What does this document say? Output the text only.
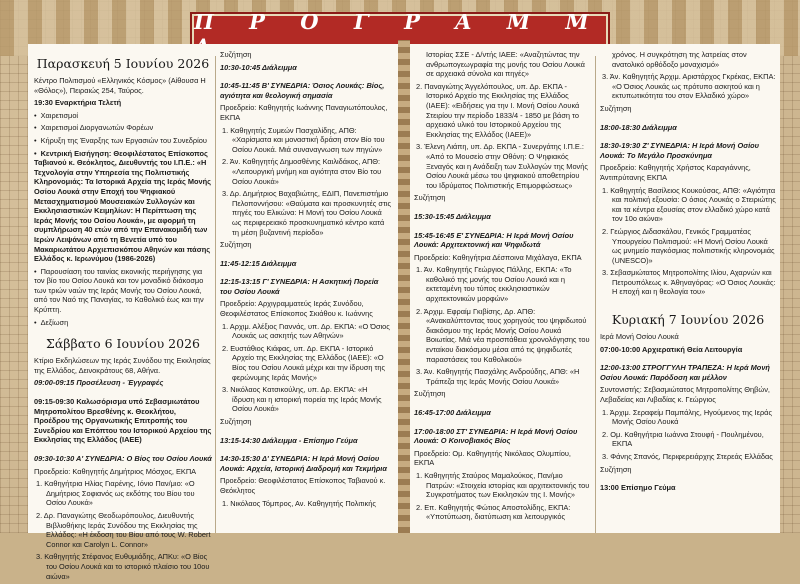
Π Ρ Ο Γ Ρ Α Μ Μ
Παρασκευή 5 Ιουνίου 2026
Κέντρο Πολιτισμού «Ελληνικός Κόσμος» (Αίθουσα Η «Θόλος»), Πειραιώς 254, Ταύρος.
19:30 Εναρκτήρια Τελετή
• Χαιρετισμοί
• Χαιρετισμοί Διοργανωτών Φορέων
• Κήρυξη της Έναρξης των Εργασιών του Συνεδρίου
• Κεντρική Εισήγηση: Θεοφιλέστατος Επίσκοπος Ταβιανού κ. Θεόκλητος, Διευθυντής του Ι.Π.Ε.: «Η Τεχνολογία στην Υπηρεσία της Πολιτιστικής Κληρονομιάς: Τα Ιστορικά Αρχεία της Ιεράς Μονής Οσίου Λουκά στην Εποχή του Ψηφιακού Μετασχηματισμού Μουσειακών Συλλογών και Εκκλησιαστικών Κειμηλίων: Η Περίπτωση της Ιεράς Μονής του Οσίου Λουκά», με αφορμή τη συμπλήρωση 40 ετών από την Επανακομιδή των Ιερών Λειψάνων από τη Βενετία υπό του Μακαριωτάτου Αρχιεπισκόπου Αθηνών και πάσης Ελλάδος κ. Ιερωνύμου (1986-2026)
• Παρουσίαση του ταινίας εικονικής περιήγησης για τον βίο του Οσίου Λουκά και τον μοναδικό διάκοσμο των τριών ναών της Ιεράς Μονής του Οσίου Λουκά, από τον Ναό της Παναγίας, το Καθολικό έως και την Κρύπτη.
• Δεξίωση
Σάββατο 6 Ιουνίου 2026
Κτίριο Εκδηλώσεων της Ιεράς Συνόδου της Εκκλησίας της Ελλάδος, Δεινοκράτους 68, Αθήνα.
09:00-09:15 Προσέλευση - Έγγραφές
09:15-09:30 Καλωσόρισμα υπό Σεβασμιωτάτου Μητροπολίτου Βρεσθένης κ. Θεοκλήτου, Προέδρου της Οργανωτικής Επιτροπής του Συνεδρίου και Επόπτου του Ιστορικού Αρχείου της Εκκλησίας της Ελλάδος (ΙΑΕΕ)
09:30-10:30 Α' ΣΥΝΕΔΡΙΑ: Ο Βίος του Οσίου Λουκά
Προεδρείο: Καθηγητής Δημήτριος Μόσχος, ΕΚΠΑ
1. Καθηγήτρια Ηλίας Γιαρένης, Ιόνιο Παν/μιο: «Ο Δημήτριος Σοφιανός ως εκδότης του Βίου του Οσίου Λουκά»
2. Δρ. Παναγιώτης Θεοδωρόπουλος, Διευθυντής Βιβλιοθήκης Ιεράς Συνόδου της Εκκλησίας της Ελλάδος: «Η έκδοση του Βίου από τους W. Robert Connor και Carolyn L. Connor»
3. Καθηγητής Στέφανος Ευθυμιάδης, ΑΠΚυ: «Ο Βίος του Οσίου Λουκά και το ιστορικό πλαίσιο του 10ου αιώνα»
Συζήτηση
10:30-10:45 Διάλειμμα
10:45-11:45 Β' ΣΥΝΕΔΡΙΑ: Όσιος Λουκάς: Βίος, αγιότητα και θεολογική σημασία
Προεδρείο: Καθηγητής Ιωάννης Παναγιωτόπουλος, ΕΚΠΑ
1. Καθηγητής Συμεών Πασχαλίδης, ΑΠΘ: «Χαρίσματα και μοναστική δράση στον Βίο του Οσίου Λουκά. Μιά συναναγνωση των πηγών»
2. Άν. Καθηγητής Δημοσθένης Καιλιδάκος, ΑΠΘ: «Λειτουργική μνήμη και αγιότητα στον Βίο του Οσίου Λουκά»
3. Δρ. Δημήτριος Βαχαβιώτης, ΕΔΙΠ, Πανεπιστήμιο Πελοποννήσου: «Θαύματα και προσκυνητές στις πηγές του Ελικώνα: Η Μονή του Οσίου Λουκά ως περιφερειακό προσκυνηματικό κέντρο κατά τη μέση βυζαντινή περίοδο»
Συζήτηση
11:45-12:15 Διάλειμμα
12:15-13:15 Γ' ΣΥΝΕΔΡΙΑ: Η Ασκητική Πορεία του Οσίου Λουκά
Προεδρείο: Αρχιγραμματεύς Ιεράς Συνόδου, Θεοφιλέστατος Επίσκοπος Σκιάθου κ. Ιωάννης
1. Αρχιμ. Αλέξιος Γιαννάς, υπ. Δρ. ΕΚΠΑ: «Ο Όσιος Λουκάς ως ασκητής των Αθηνών»
2. Ευστάθιος Κιάφας, υπ. Δρ. ΕΚΠΑ - Ιστορικό Αρχείο της Εκκλησίας της Ελλάδος (ΙΑΕΕ): «Ο Βίος του Οσίου Λουκά μέχρι και την ίδρυση της φερώνυμης Ιεράς Μονής»
3. Νικόλαος Κατσικούλης, υπ. Δρ. ΕΚΠΑ: «Η ίδρυση και η ιστορική πορεία της Ιεράς Μονής Οσίου Λουκά»
Συζήτηση
13:15-14:30 Διάλειμμα - Επίσημο Γεύμα
14:30-15:30 Δ' ΣΥΝΕΔΡΙΑ: Η Ιερά Μονή Οσίου Λουκά: Αρχεία, Ιστορική Διαδρομή και Τεκμήρια
Προεδρείο: Θεοφιλέστατος Επίσκοπος Ταβιανού κ. Θεόκλητος
1. Νικόλαος Τόμπρος, Αν. Καθηγητής Πολιτικής
Ιστορίας ΣΣΕ - Δ/ντής ΙΑΕΕ: «Αναζητώντας την ανθρωπογεωγραφία της μονής του Οσίου Λουκά σε αρχειακά σύνολα και πηγές»
2. Παναγιώτης Άγγελόπουλος, υπ. Δρ. ΕΚΠΑ - Ιστορικό Αρχείο της Εκκλησίας της Ελλάδος (ΙΑΕΕ): «Ειδήσεις για την Ι. Μονή Οσίου Λουκά Στειρίου την περίοδο 1833/4 - 1850 με βάση το αρχειακό υλικό του Ιστορικού Αρχείου της Εκκλησίας της Ελλάδος (ΙΑΕΕ)»
3. Έλενη Λιάπη, υπ. Δρ. ΕΚΠΑ - Συνεργάτης Ι.Π.Ε.: «Από το Μουσείο στην Οθόνη: Ο Ψηφιακός Ξεναγός και η Ανάδειξη των Συλλογών της Μονής Οσίου Λουκά μέσω του ψηφιακού αποθετηρίου του Ιδρύματος Πολιτιστικής Επιμορφώσεως»
Συζήτηση
15:30-15:45 Διάλειμμα
15:45-16:45 Ε' ΣΥΝΕΔΡΙΑ: Η Ιερά Μονή Οσίου Λουκά: Αρχιτεκτονική και Ψηφιδωτά
Προεδρείο: Καθηγήτρια Δέσποινα Μιχάλαγα, ΕΚΠΑ
1. Άν. Καθηγητής Γεώργιος Πάλλης, ΕΚΠΑ: «Το καθολικό της μονής του Οσίου Λουκά και η εκτεταμένη του τύπος εκκλησιαστικών αρχιτεκτονικών μορφών»
2. Άρχιμ. Εφραίμ Γκιβίσης, Δρ. ΑΠΘ: «Ανακαλύπτοντας τους χορηγούς του ψηφιδωτού διακόσμου της Ιεράς Μονής Οσίου Λουκά Βοιωτίας. Μιά νέα προσπάθεια χρονολόγησης του ενταίκου διακόσμου μέσα από τις ψηφιδωτές παραστάσεις του Καθολικού»
3. Άν. Καθηγητής Πασχάλης Ανδρούδης, ΑΠΘ: «Η Τράπεζα της Ιεράς Μονής Οσίου Λουκά»
Συζήτηση
16:45-17:00 Διάλειμμα
17:00-18:00 ΣΤ' ΣΥΝΕΔΡΙΑ: Η Ιερά Μονή Οσίου Λουκά: Ο Κοινοβιακός Βίος
Προεδρείο: Ομ. Καθηγητής Νικόλαος Ολυμπίου, ΕΚΠΑ
1. Καθηγητής Σταύρος Μαμαλούκος, Παν/μιο Πατρών: «Στοιχεία ιστορίας και αρχιτεκτονικής του Συγκροτήματος των Εκκλησιών της Ι. Μονής»
2. Επ. Καθηγητής Φώτιος Αποστολίδης, ΕΚΠΑ: «Υποτύπωση, διατύπωση και λειτουργικός
χρόνος. Η συγκρότηση της λατρείας στον ανατολικό ορθόδοξο μοναχισμό»
3. Άν. Καθηγητής Άρχιμ. Αριστάρχος Γκρέκας, ΕΚΠΑ: «Ο Όσιος Λουκάς ως πρότυπο ασκητού και η εκτυπωτικότητα του στον Ελλαδικό χώρο»
Συζήτηση
18:00-18:30 Διάλειμμα
18:30-19:30 Ζ' ΣΥΝΕΔΡΙΑ: Η Ιερά Μονή Οσίου Λουκά: Το Μεγάλο Προσκύνημα
Προεδρείο: Καθηγητής Χρήστος Καραγιάννης, Άντιπρύτανης ΕΚΠΑ
1. Καθηγητής Βασίλειος Κουκούσας, ΑΠΘ: «Αγιότητα και πολιτική εξουσία: Ο όσιος Λουκάς ο Στειριώτης και τα κέντρα εξουσίας στον ελλαδικό χώρο κατά τον 10ο αιώνα»
2. Γεώργιος Διδασκάλου, Γενικός Γραμματέας Υπουργείου Πολιτισμού: «Η Μονή Οσίου Λουκά ως μνημείο παγκόσμιας πολιτιστικής κληρονομιάς (UNESCO)»
3. Σεβασμιώτατος Μητροπολίτης Ιλίου, Αχαρνών και Πετρουπόλεως κ. Άθηναγόρας: «Ο Όσιος Λουκάς: Η εποχή και η θεολογία του»
Κυριακή 7 Ιουνίου 2026
Ιερά Μονή Οσίου Λουκά
07:00-10:00 Αρχιερατική Θεία Λειτουργία
12:00-13:00 ΣΤΡΟΓΓΥΛΗ ΤΡΑΠΕΖΑ: Η Ιερά Μονή Οσίου Λουκά: Παρόδοση και μέλλον
Συντονιστής: Σεβασμιώτατος Μητροπολίτης Θηβών, Λεβαδείας και Λιβαδίας κ. Γεώργιος
1. Άρχιμ. Σεραφείμ Παμπάλης, Ηγούμενος της Ιεράς Μονής Οσίου Λουκά
2. Ομ. Καθηγήτρια Ιωάννα Στουφή - Πουλημένου, ΕΚΠΑ
3. Φάνης Σπανός, Περιφερειάρχης Στερεάς Ελλάδας
Συζήτηση
13:00 Επίσημο Γεύμα
